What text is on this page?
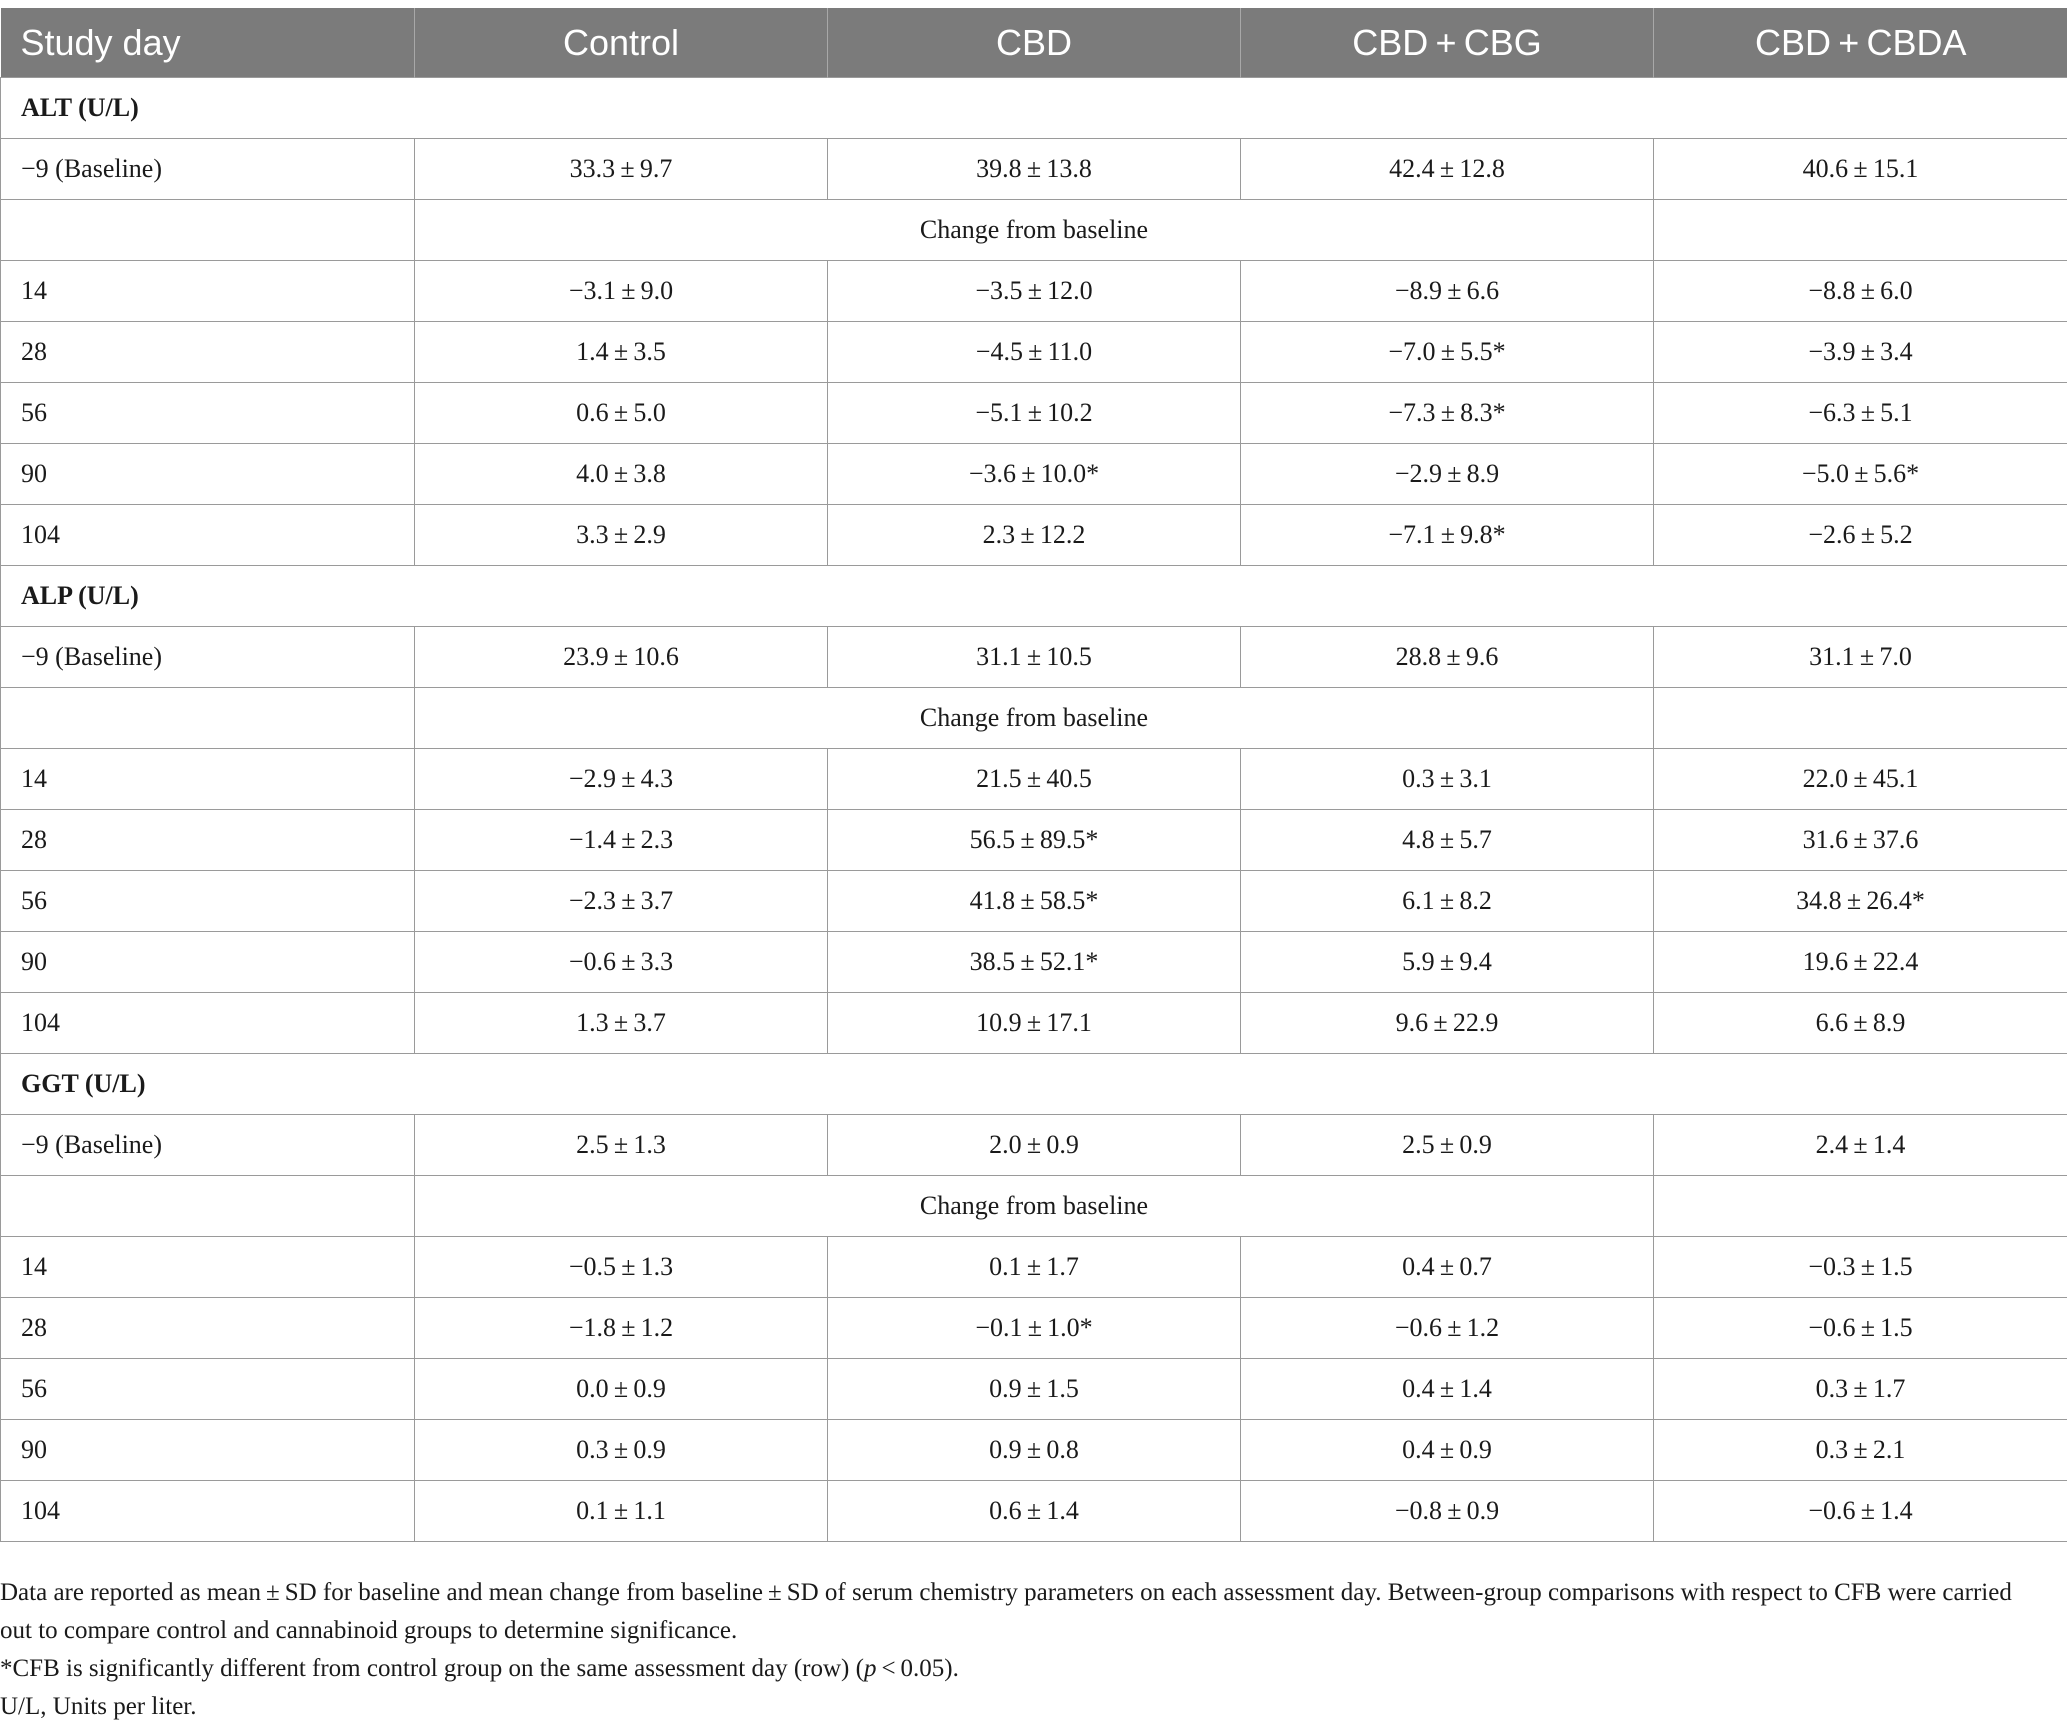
Study day	Control	CBD	CBD + CBG	CBD + CBDA
ALT (U/L)				
−9 (Baseline)	33.3 ± 9.7	39.8 ± 13.8	42.4 ± 12.8	40.6 ± 15.1
	Change from baseline			
14	−3.1 ± 9.0	−3.5 ± 12.0	−8.9 ± 6.6	−8.8 ± 6.0
28	1.4 ± 3.5	−4.5 ± 11.0	−7.0 ± 5.5*	−3.9 ± 3.4
56	0.6 ± 5.0	−5.1 ± 10.2	−7.3 ± 8.3*	−6.3 ± 5.1
90	4.0 ± 3.8	−3.6 ± 10.0*	−2.9 ± 8.9	−5.0 ± 5.6*
104	3.3 ± 2.9	2.3 ± 12.2	−7.1 ± 9.8*	−2.6 ± 5.2
ALP (U/L)				
−9 (Baseline)	23.9 ± 10.6	31.1 ± 10.5	28.8 ± 9.6	31.1 ± 7.0
	Change from baseline			
14	−2.9 ± 4.3	21.5 ± 40.5	0.3 ± 3.1	22.0 ± 45.1
28	−1.4 ± 2.3	56.5 ± 89.5*	4.8 ± 5.7	31.6 ± 37.6
56	−2.3 ± 3.7	41.8 ± 58.5*	6.1 ± 8.2	34.8 ± 26.4*
90	−0.6 ± 3.3	38.5 ± 52.1*	5.9 ± 9.4	19.6 ± 22.4
104	1.3 ± 3.7	10.9 ± 17.1	9.6 ± 22.9	6.6 ± 8.9
GGT (U/L)				
−9 (Baseline)	2.5 ± 1.3	2.0 ± 0.9	2.5 ± 0.9	2.4 ± 1.4
	Change from baseline			
14	−0.5 ± 1.3	0.1 ± 1.7	0.4 ± 0.7	−0.3 ± 1.5
28	−1.8 ± 1.2	−0.1 ± 1.0*	−0.6 ± 1.2	−0.6 ± 1.5
56	0.0 ± 0.9	0.9 ± 1.5	0.4 ± 1.4	0.3 ± 1.7
90	0.3 ± 0.9	0.9 ± 0.8	0.4 ± 0.9	0.3 ± 2.1
104	0.1 ± 1.1	0.6 ± 1.4	−0.8 ± 0.9	−0.6 ± 1.4

Data are reported as mean ± SD for baseline and mean change from baseline ± SD of serum chemistry parameters on each assessment day. Between-group comparisons with respect to CFB were carried out to compare control and cannabinoid groups to determine significance.

*CFB is significantly different from control group on the same assessment day (row) (p < 0.05).

U/L, Units per liter.
